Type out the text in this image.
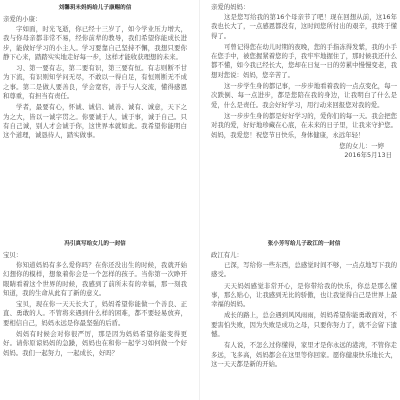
刘馨玥未妈妈给儿子康赐的信
亲爱的小康：

字如面，时光飞逝，你已经十三岁了，如今学业压力增大，我与你母亲都非常不易，经你前辈的教导，我们希望你能成长进步，能做好学习的小主人。学习要靠自己坚持不懈，我想只要你静下心来，踏踏实实地走好每一步，这样才能收获理想的未来。

习、第一要有志，第二要有识，第三要有恒。有志则断不甘为下流，有识则知学问无尽，不敢以一得自足，有恒则断无不成之事。第二是做人要善良，学会宽容，善于与人交流，懂得感恩和尊重，有担当有责任。

学者，最要有心，怀诚、诚信、诚善、诚有、诚意，天下之为之大，皆以一诚字贯之。你要诚于人，诚于事，诚于自己。只有自己诚，别人才会诚于你，这世界本就如此。我希望你能明白这个道理，诚恳待人，踏实做事。

亲爱的妈妈：

这是您写给我的第16个母亲节了吧！现在回想从前，这16年我也长大了，一点感恩都没有，这时间您所付出的艰辛，我终于懂得了。

可曾记得您在幼儿时期的夜晚，您的手指冻得发紫，我的小手在您手中，被您握紧着您的手，我牢牢地握住了，那时候我还什么都不懂，如今我已经长大，您却在日复一日的劳累中慢慢变老，我想对您说：妈妈，您辛苦了。

这一步学生身的都记事，一步步地看着我的一点点变化，每一次跌倒、每一点进步，都是您陪在我的身边，让我明白了什么是爱，什么是责任。我会好好学习，用行动来回报您对我的爱。

这一步步生身的都是好好学习的，爱你们的每一天。我会把您对我的爱，好好地珍藏在心底，在未来的日子里，让我来守护您。妈妈，我爱您！祝您节日快乐，身体健康，永远年轻！

您的女儿：一婷
2016年5月13日
冯引真写给女儿的一封信
宝贝：

你知道妈妈有多么爱你吗？在你还没出生的时候，我就开始幻想你的模样，想象着你会是一个怎样的孩子。当你第一次睁开眼睛看着这个世界的时候，我感到了前所未有的幸福，那一刻我知道，我的生命从此有了新的意义。

宝贝，现在你一天天长大了，妈妈希望你能做一个善良、正直、勇敢的人。不管将来遇到什么样的困难，都不要轻易放弃，要相信自己，妈妈永远是你最坚强的后盾。

妈妈有时候会对你很严厉，那是因为妈妈希望你能变得更好。请你原谅妈妈的急躁，妈妈也在和你一起学习如何做一个好妈妈。我们一起努力，一起成长，好吗？

张小芳写给儿子政江的一封信
政江有儿：

已深，写给你一些东西，总感觉时间不够，一点点地写下我的感受。

天天妈妈感觉非常开心，是你带给我的快乐，你总是那么懂事，那么贴心，让我感到无比的骄傲，也让我觉得自己是世界上最幸福的妈妈。

成长的路上，总会遇到风风雨雨，妈妈希望你能勇敢面对，不要害怕失败，因为失败是成功之母，只要你努力了，就不会留下遗憾。

有人说，不怎么过你懂得，家里才是你永远的港湾，不管你走多远，飞多高，妈妈都会在这里等你回家。愿你健康快乐地长大，这一天天都是新的开始。
